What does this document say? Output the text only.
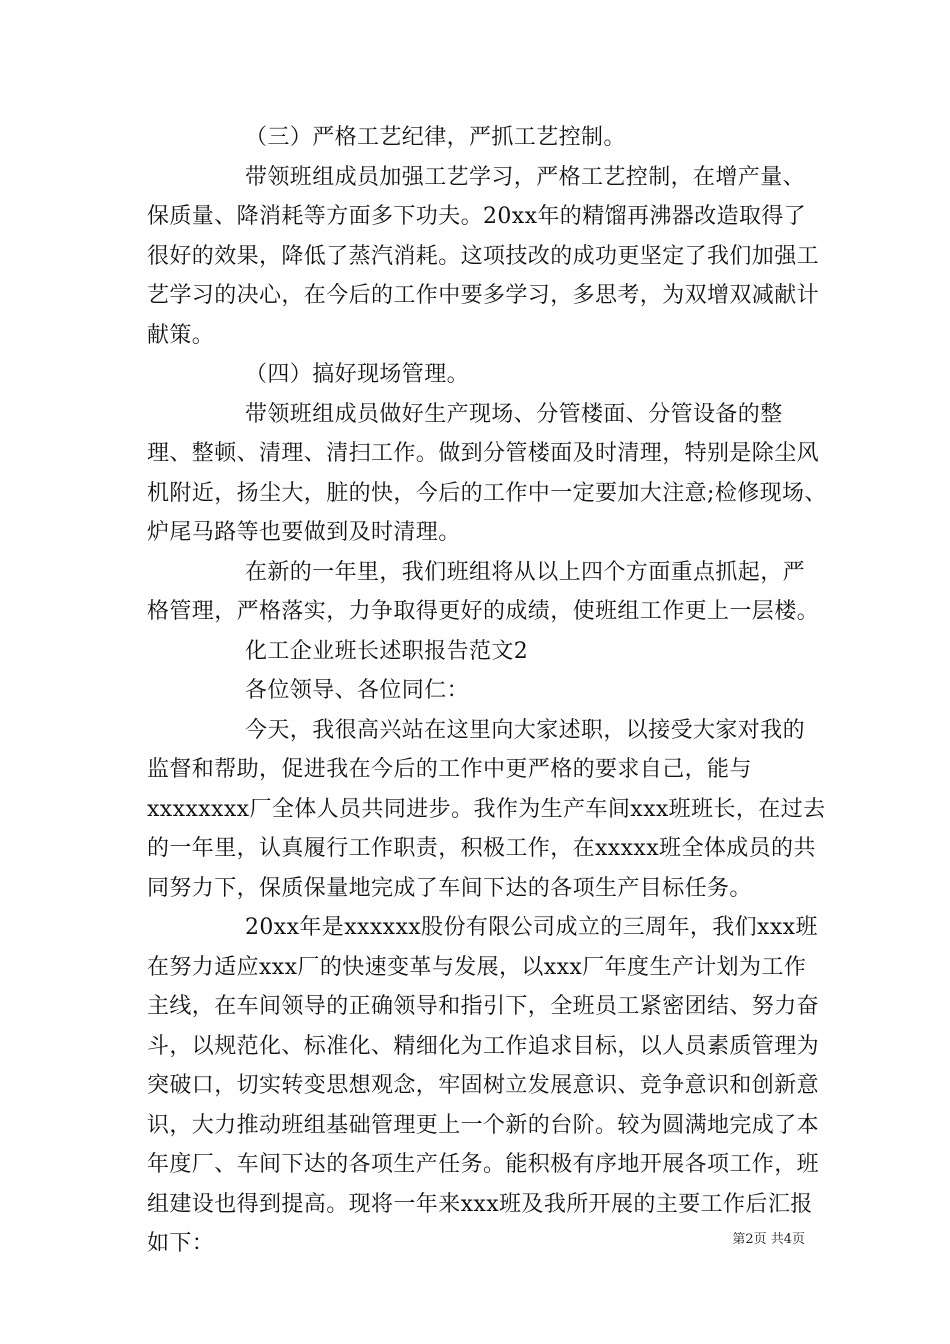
（三）严格工艺纪律，严抓工艺控制。

带领班组成员加强工艺学习，严格工艺控制，在增产量、保质量、降消耗等方面多下功夫。20xx年的精馏再沸器改造取得了很好的效果，降低了蒸汽消耗。这项技改的成功更坚定了我们加强工艺学习的决心，在今后的工作中要多学习，多思考，为双增双减献计献策。

（四）搞好现场管理。

带领班组成员做好生产现场、分管楼面、分管设备的整理、整顿、清理、清扫工作。做到分管楼面及时清理，特别是除尘风机附近，扬尘大，脏的快，今后的工作中一定要加大注意;检修现场、炉尾马路等也要做到及时清理。

在新的一年里，我们班组将从以上四个方面重点抓起，严格管理，严格落实，力争取得更好的成绩，使班组工作更上一层楼。

化工企业班长述职报告范文2

各位领导、各位同仁：

今天，我很高兴站在这里向大家述职，以接受大家对我的监督和帮助，促进我在今后的工作中更严格的要求自己，能与xxxxxxxx厂全体人员共同进步。我作为生产车间xxx班班长，在过去的一年里，认真履行工作职责，积极工作，在xxxxx班全体成员的共同努力下，保质保量地完成了车间下达的各项生产目标任务。

20xx年是xxxxxx股份有限公司成立的三周年，我们xxx班在努力适应xxx厂的快速变革与发展，以xxx厂年度生产计划为工作主线，在车间领导的正确领导和指引下，全班员工紧密团结、努力奋斗，以规范化、标准化、精细化为工作追求目标，以人员素质管理为突破口，切实转变思想观念，牢固树立发展意识、竞争意识和创新意识，大力推动班组基础管理更上一个新的台阶。较为圆满地完成了本年度厂、车间下达的各项生产任务。能积极有序地开展各项工作，班组建设也得到提高。现将一年来xxx班及我所开展的主要工作后汇报如下：	第2页 共4页
